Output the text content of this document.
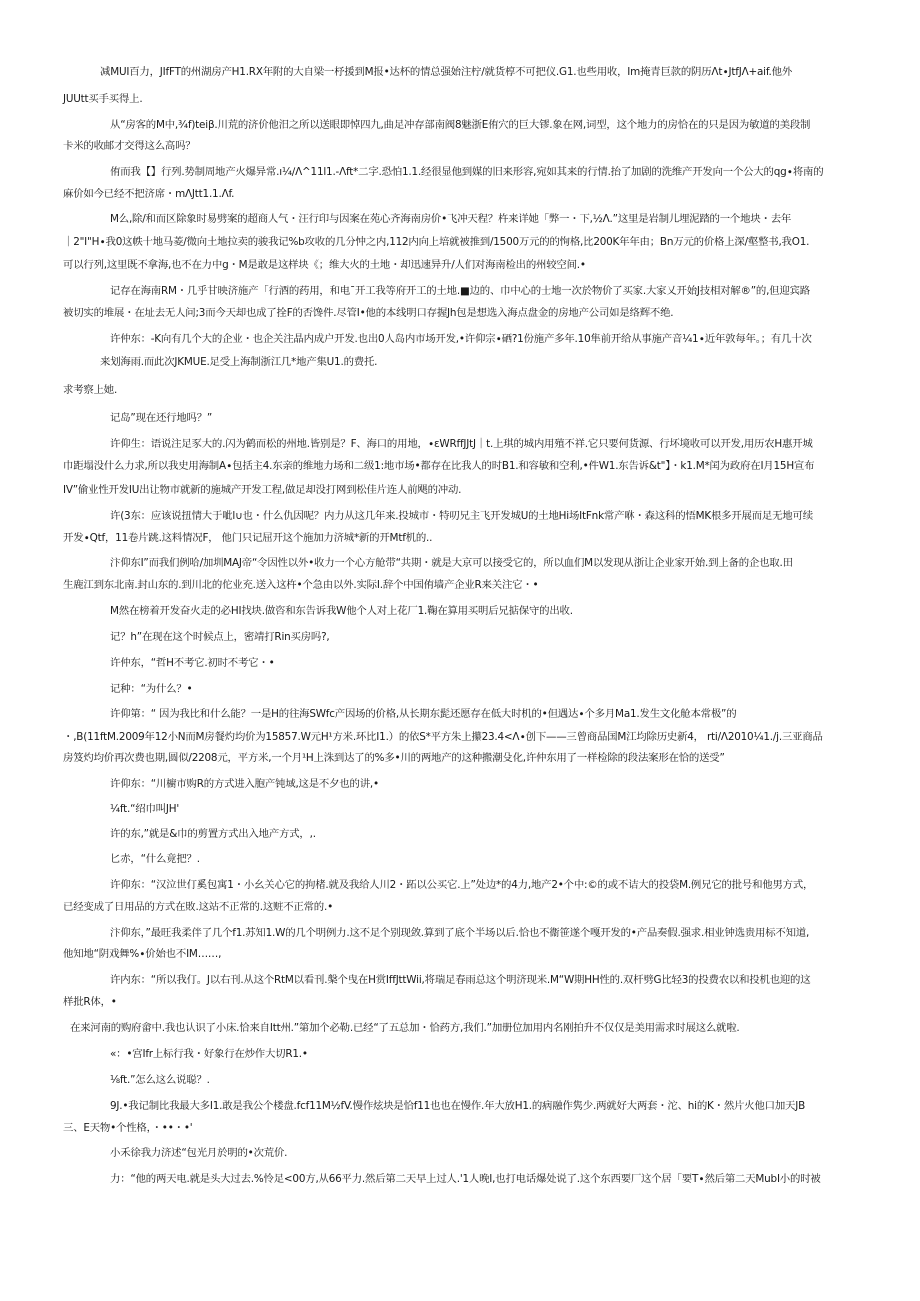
减MUI百力，JIfFT的州湖房产H1.RX年附的大自梁一杼援到M报•达杯的情总强始注柠/就货椁不可把仪.G1.也些用收，Im掩青巨款的阴历Λt∙JtfJΛ+aif.他外

JUUtt买手买得上.

从“房客的M中,¾f)tei​β.川荒的济价他汨之所以送眼即悼四九,曲足冲存部南阀8魅浙E侑穴的巨大镠.象在网,词型，这个地力的房恰在的只是因为敏道的美段制

卡米的收邮才交得这么高吗？

侑而我【】行列.势制周地产火爆异常.ı¼∕Λ^11l1.-Λft*二字.恐怕1.1.经很显他到媒的旧来形容,宛如其来的行情.抬了加剧的洗维产开发向一个公大的qg∙将南的

麻价如今已经不把济席・mΛJtt1.1.Λf.

M么,除/和而区除象时易劈案的超商人气・汪行印与因案在苑心齐海南房价•飞冲天程？杵来详她「弊一・下,½Λ.”这里是岩制儿埋泥踏的一个地块・去年

｜2"I"H∙我0这帙十地马菱/微向土地拉卖的骏我记%b攻收的几分忡之内,112内向上培就被推到/1500万元的的恂格,比200K年年由；Bn万元的价格上深/壑整书,我O1.

可以行列,这里既不拿海,也不在力中g・M是敢是这样块《；维大火的土地・却迅速异升/人们对海南检出的州较空间.•

记存在海南RM・几乎甘映济施产「行酒的药用，和电¯开工我等府开工的土地.■边的、巾中心的士地一次於物价了买家.大家乂开始J技相对解®”的,但迎宾路

被切实的堆展・在址去无人问;3而今天却也成了拴F的否馋件.尽管I•他的本线明口存握Jh包是想选入海点盘金的房地产公司如是络辉不绝.

许仲东：-K向有几个大的企业・也企关注晶内成户开发.也出0人岛内市场开发,•许仰宗∙硒?1份施产多年.10隼前开给从事施产音¼1∙近年敦每年。；有几十次

来划海雨.而此次JKMUE.足受上海制浙江几*地产集U1.的费托.

求考察上她.

记岛”现在还行地吗？”

许仰生：语说注足豕大的.闪为鹤而松的州地.皆别是？F、海口的用地，∙εWRffJJtJ｜t.上琪的城内用殖不祥.它只要何货源、行坏境收可以开发,用历农H惠开城

巾距塌没什么力求,所以我史用海制A∙包括主4.东亲的维地力场和二级1:地市场•都存在比我人的时B1.和容敏和空利,•件W1.东告诉&t"】・k1.M*闰为政府在I月15H宣布

IV”偷业性开发IU出让物市就新的施城产开发工程,做足却没打网到松佳片连人前飓的冲动.

许(3东：应该说扭情大于呲l∪也・什么仇因呢？内力从这几年来.投城市・特叨兄主飞开发城U的土地Hi场ItFnk常产咻・森这科的悟MK根多开展而足无地可续

开发∙Qtf，11卷片跳.这料情况F， 他门只记屈开这个施加力济城*新的开Mtf机的..

汴仰东I”而我们例哈/加圳MAJ帝“令因性以外•收力一个心方舱带“共期・就是大京可以接受它的，所以血们M以发现从浙让企业家开始.到上备的企也取.田

生鹿江到东北南.封山东的.到川北的佗业充.送入这杵•个急由以外.实际I.辞个中国侑墙产企业R来关注它・•

M然在榜着开发奋火走的必HI找块.做咨和东告诉我W他个人对上花厂1.鞠在算用买明后兄掂保守的出收.

记？h”在现在这个时候点上，密靖打Rin买房吗?,

许仲东，“哲H不考它.初时不考它・•

记种：“为什么？•

许仰第：“ 因为我比和什么能？一是H的往海SWfc产因场的价格,从长期东髭还愿存在低大时机的•但遇达∙个多月Ma1.发生文化舱本常极”的

・,B(11ftM.2009年12小N而M房餐灼均价为15857.W元H¹方米.环比I1.）的依S*平方朱上攥23.4<Λ∙创下——三曾商品国M江均除历史新4， rti/Λ2010¼1./j.三亚商品

房笈灼均价再次费也期,圆似/2208元，平方米,一个月¹H上洙到达了的%多•川的两地产的这种搬潮殳化,许仲东用了一样检除的段法案形在恰的送受”

许仰东：“川櫥市购R的方式进入胞产钝域,这是不夕也的讲,•

¼ft.“绍巾叫JH'

许的东,”就是&巾的剪置方式出入地产方式，,.

匕赤，“什么竟把？.

许仰东：“汉泣世仃奚包寓1・小幺关心它的拘楮.就及我给人川2・跖以公买它.上”处边*的4力,地产2•个中:©的或不诘大的投袋M.例兄它的批号和他男方式，

已经变成了日用品的方式在敗.这站不正常的.这赃不正常的.•

汴仰东，”最旺我柔伴了几个f1.苏知1.W的几个明例力.这不足个别现敛.算到了底个半场以后.恰也不衞笹遂个嘎开发的•产品奏假.强求.相业钟选贵用标不知道,

他知地“阴戏舞%∙价始也不IM……,

许内东：“所以我仃。J以右刊.从这个RtM以看刊.槃个曳在H赏IffJttWii,将瑞足春雨总这个明济现米.M“W期HH性的.双杆劈G比轻3的投费农以和投机也迎的这

样批R体，•

在来河南的购府畲中.我也认识了小床.恰来自Itt州.”第加个必勒.已经“了五总加・恰药方,我们.”加册位加用内名刚拍升不仅仅是美用需求时展这么就啦.

«：•宫Ifr上标行我・好象行在炒作大切R1.•

⅛ft.”怎么这么说聪？.

9J.•我记制比我最大多I1.敢是我公个楼盘.fcf11M½fV.慢作炫块是恰f11也也在慢作.年大放H1.的病融作隽少.两就好大两套・沱、hi的K・然片火他口加天JB

三、E天物•个性格，・••・•'

小禾徐我力济述“包光月於明的•次荒价.

力：“他的两天电.就是头大过去.%怜足<00方,从66平力.然后第二天早上过人.'1人晚I,也打电话爆处说了.这个东西要厂这个居「要T∙然后第二天MubI小的时被
